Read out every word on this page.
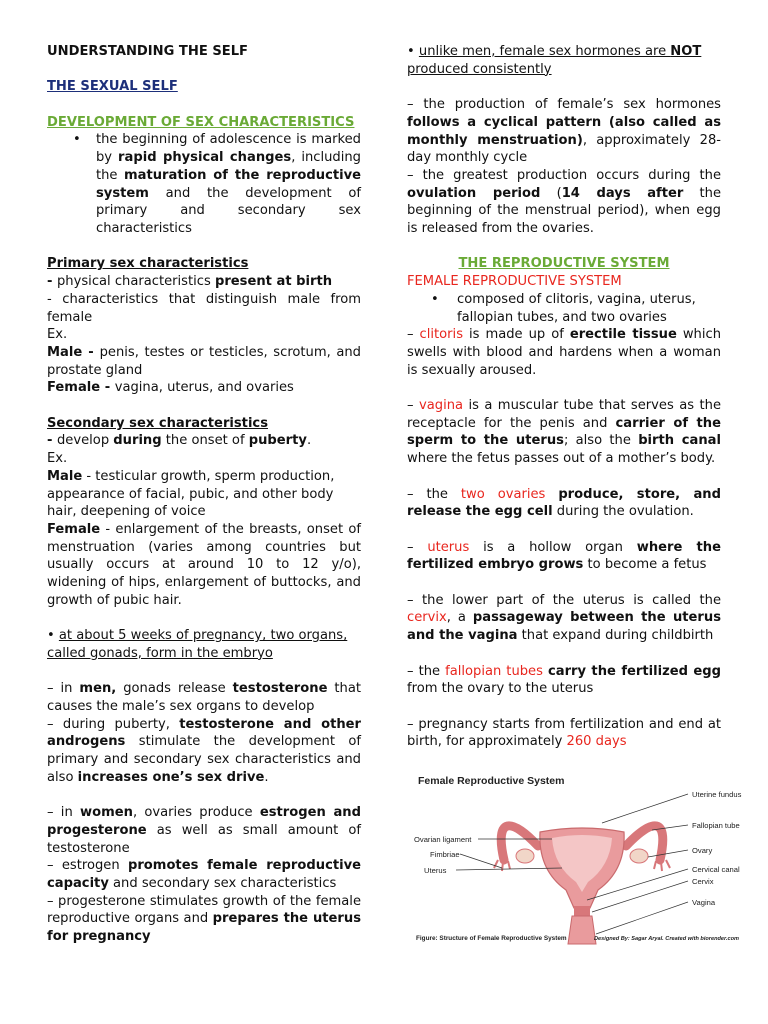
UNDERSTANDING THE SELF

THE SEXUAL SELF

DEVELOPMENT OF SEX CHARACTERISTICS

• the beginning of adolescence is marked by rapid physical changes, including the maturation of the reproductive system and the development of primary and secondary sex characteristics

Primary sex characteristics

- physical characteristics present at birth

- characteristics that distinguish male from female

Ex.

Male - penis, testes or testicles, scrotum, and prostate gland

Female - vagina, uterus, and ovaries

Secondary sex characteristics

- develop during the onset of puberty.

Ex.

Male - testicular growth, sperm production, appearance of facial, pubic, and other body hair, deepening of voice

Female - enlargement of the breasts, onset of menstruation (varies among countries but usually occurs at around 10 to 12 y/o), widening of hips, enlargement of buttocks, and growth of pubic hair.

• at about 5 weeks of pregnancy, two organs, called gonads, form in the embryo

– in men, gonads release testosterone that causes the male’s sex organs to develop

– during puberty, testosterone and other androgens stimulate the development of primary and secondary sex characteristics and also increases one’s sex drive.

– in women, ovaries produce estrogen and progesterone as well as small amount of testosterone

– estrogen promotes female reproductive capacity and secondary sex characteristics

– progesterone stimulates growth of the female reproductive organs and prepares the uterus for pregnancy

• unlike men, female sex hormones are NOT produced consistently

– the production of female’s sex hormones follows a cyclical pattern (also called as monthly menstruation), approximately 28-day monthly cycle

– the greatest production occurs during the ovulation period (14 days after the beginning of the menstrual period), when egg is released from the ovaries.

THE REPRODUCTIVE SYSTEM

FEMALE REPRODUCTIVE SYSTEM

• composed of clitoris, vagina, uterus, fallopian tubes, and two ovaries

– clitoris is made up of erectile tissue which swells with blood and hardens when a woman is sexually aroused.

– vagina is a muscular tube that serves as the receptacle for the penis and carrier of the sperm to the uterus; also the birth canal where the fetus passes out of a mother’s body.

– the two ovaries produce, store, and release the egg cell during the ovulation.

– uterus is a hollow organ where the fertilized embryo grows to become a fetus

– the lower part of the uterus is called the cervix, a passageway between the uterus and the vagina that expand during childbirth

– the fallopian tubes carry the fertilized egg from the ovary to the uterus

– pregnancy starts from fertilization and end at birth, for approximately 260 days

Female Reproductive System
Uterine fundus
Fallopian tube
Ovarian ligament
Ovary
Fimbriae
Cervical canal
Uterus
Cervix
Vagina
Figure: Structure of Female Reproductive System	Designed By: Sagar Aryal. Created with biorender.com
